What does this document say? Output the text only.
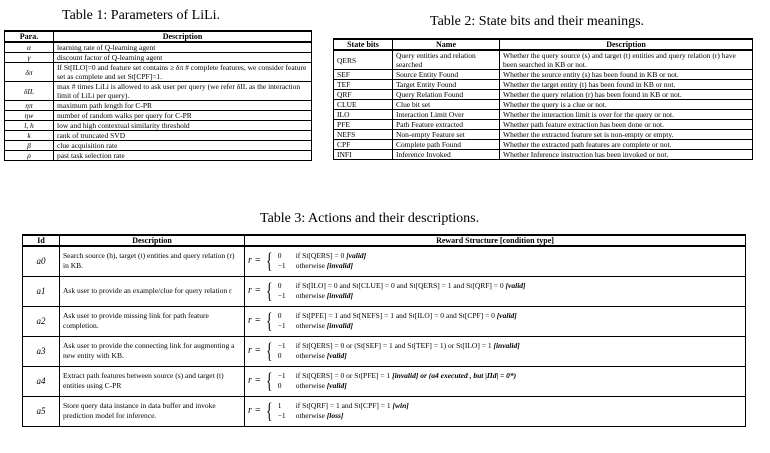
Table 1: Parameters of LiLi.
Para.	Description
α	learning rate of Q-learning agent
γ	discount factor of Q-learning agent
δπ	If St[ILO]=0 and feature set contains ≥ δπ # complete features, we consider feature set as complete and set St[CPF]=1.
δIL	max # times LiLi is allowed to ask user per query (we refer δIL as the interaction limit of LiLi per query).
ηπ	maximum path length for C-PR
ηw	number of random walks per query for C-PR
l, h	low and high contextual similarity threshold
k	rank of truncated SVD
β	clue acquisition rate
ρ	past task selection rate
Table 2: State bits and their meanings.
State bits	Name	Description
QERS	Query entities and relation searched	Whether the query source (s) and target (t) entities and query relation (r) have been searched in KB or not.
SEF	Source Entity Found	Whether the source entity (s) has been found in KB or not.
TEF	Target Entity Found	Whether the target entity (t) has been found in KB or not.
QRF	Query Relation Found	Whether the query relation (r) has been found in KB or not.
CLUE	Clue bit set	Whether the query is a clue or not.
ILO	Interaction Limit Over	Whether the interaction limit is over for the query or not.
PFE	Path Feature extracted	Whether path feature extraction has been done or not.
NEFS	Non-empty Feature set	Whether the extracted feature set is non-empty or empty.
CPF	Complete path Found	Whether the extracted path features are complete or not.
INFI	Inference Invoked	Whether Inference instruction has been invoked or not.
Table 3: Actions and their descriptions.
Id	Description	Reward Structure [condition type]
a0	Search source (h), target (t) entities and query relation (r) in KB.	r = { 0 if St[QERS] = 0 [valid]
−1 otherwise [invalid]

a1	Ask user to provide an example/clue for query relation r	r = { 0 if St[ILO] = 0 and St[CLUE] = 0 and St[QERS] = 1 and St[QRF] = 0 [valid]
−1 otherwise [invalid]

a2	Ask user to provide missing link for path feature completion.	r = { 0 if St[PFE] = 1 and St[NEFS] = 1 and St[ILO] = 0 and St[CPF] = 0 [valid]
−1 otherwise [invalid]

a3	Ask user to provide the connecting link for augmenting a new entity with KB.	r = { −1 if St[QERS] = 0 or (St[SEF] = 1 and St[TEF] = 1) or St[ILO] = 1 [invalid]
0 otherwise [valid]

a4	Extract path features between source (s) and target (t) entities using C-PR	r = { −1 if St[QERS] = 0 or St[PFE] = 1 [invalid] or (a4 executed , but |Πd| = 0*)
0 otherwise [valid]

a5	Store query data instance in data buffer and invoke prediction model for inference.	r = { 1 if St[QRF] = 1 and St[CPF] = 1 [win]
−1 otherwise [loss]
